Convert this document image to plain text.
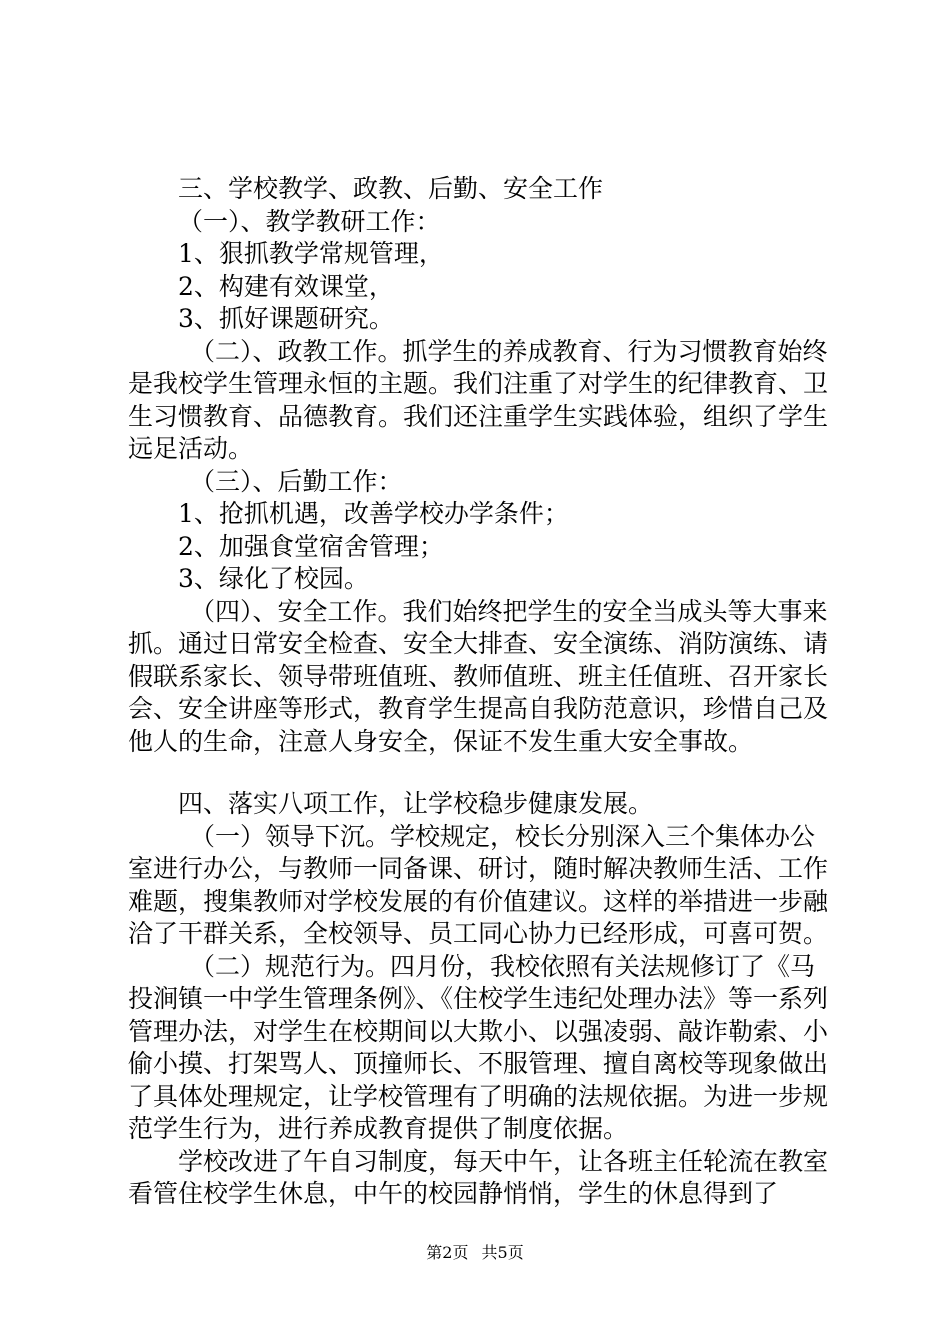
三、学校教学、政教、后勤、安全工作

（一）、教学教研工作：

1、狠抓教学常规管理，

2、构建有效课堂，

3、抓好课题研究。

（二）、政教工作。抓学生的养成教育、行为习惯教育始终是我校学生管理永恒的主题。我们注重了对学生的纪律教育、卫生习惯教育、品德教育。我们还注重学生实践体验，组织了学生远足活动。

（三）、后勤工作：

1、抢抓机遇，改善学校办学条件；

2、加强食堂宿舍管理；

3、绿化了校园。

（四）、安全工作。我们始终把学生的安全当成头等大事来抓。通过日常安全检查、安全大排查、安全演练、消防演练、请假联系家长、领导带班值班、教师值班、班主任值班、召开家长会、安全讲座等形式，教育学生提高自我防范意识，珍惜自己及他人的生命，注意人身安全，保证不发生重大安全事故。

四、落实八项工作，让学校稳步健康发展。

（一）领导下沉。学校规定，校长分别深入三个集体办公室进行办公，与教师一同备课、研讨，随时解决教师生活、工作难题，搜集教师对学校发展的有价值建议。这样的举措进一步融洽了干群关系，全校领导、员工同心协力已经形成，可喜可贺。

（二）规范行为。四月份，我校依照有关法规修订了《马投涧镇一中学生管理条例》、《住校学生违纪处理办法》等一系列管理办法，对学生在校期间以大欺小、以强凌弱、敲诈勒索、小偷小摸、打架骂人、顶撞师长、不服管理、擅自离校等现象做出了具体处理规定，让学校管理有了明确的法规依据。为进一步规范学生行为，进行养成教育提供了制度依据。

学校改进了午自习制度，每天中午，让各班主任轮流在教室看管住校学生休息，中午的校园静悄悄，学生的休息得到了

第2页 共5页
